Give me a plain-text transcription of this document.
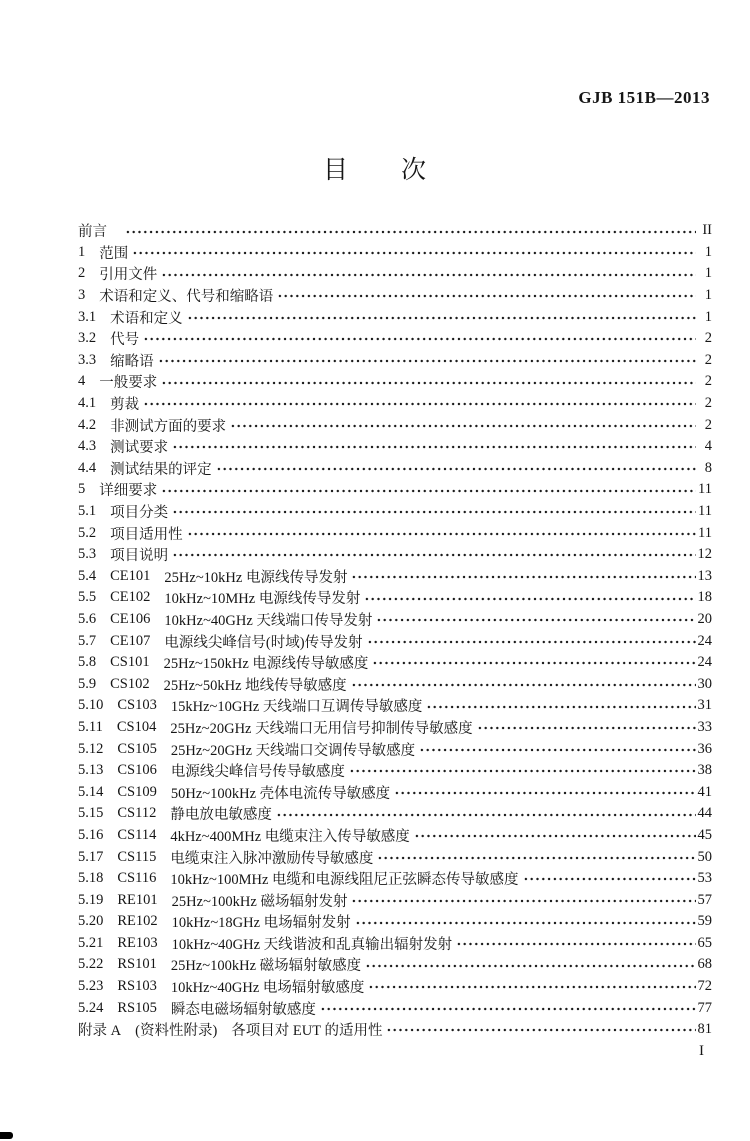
GJB 151B—2013
目　　次
前言	II
1 范围	1
2 引用文件	1
3 术语和定义、代号和缩略语	1
3.1 术语和定义	1
3.2 代号	2
3.3 缩略语	2
4 一般要求	2
4.1 剪裁	2
4.2 非测试方面的要求	2
4.3 测试要求	4
4.4 测试结果的评定	8
5 详细要求	11
5.1 项目分类	11
5.2 项目适用性	11
5.3 项目说明	12
5.4 CE101 25Hz~10kHz 电源线传导发射	13
5.5 CE102 10kHz~10MHz 电源线传导发射	18
5.6 CE106 10kHz~40GHz 天线端口传导发射	20
5.7 CE107 电源线尖峰信号(时域)传导发射	24
5.8 CS101 25Hz~150kHz 电源线传导敏感度	24
5.9 CS102 25Hz~50kHz 地线传导敏感度	30
5.10 CS103 15kHz~10GHz 天线端口互调传导敏感度	31
5.11 CS104 25Hz~20GHz 天线端口无用信号抑制传导敏感度	33
5.12 CS105 25Hz~20GHz 天线端口交调传导敏感度	36
5.13 CS106 电源线尖峰信号传导敏感度	38
5.14 CS109 50Hz~100kHz 壳体电流传导敏感度	41
5.15 CS112 静电放电敏感度	44
5.16 CS114 4kHz~400MHz 电缆束注入传导敏感度	45
5.17 CS115 电缆束注入脉冲激励传导敏感度	50
5.18 CS116 10kHz~100MHz 电缆和电源线阻尼正弦瞬态传导敏感度	53
5.19 RE101 25Hz~100kHz 磁场辐射发射	57
5.20 RE102 10kHz~18GHz 电场辐射发射	59
5.21 RE103 10kHz~40GHz 天线谐波和乱真输出辐射发射	65
5.22 RS101 25Hz~100kHz 磁场辐射敏感度	68
5.23 RS103 10kHz~40GHz 电场辐射敏感度	72
5.24 RS105 瞬态电磁场辐射敏感度	77
附录 A (资料性附录) 各项目对 EUT 的适用性	81
I
